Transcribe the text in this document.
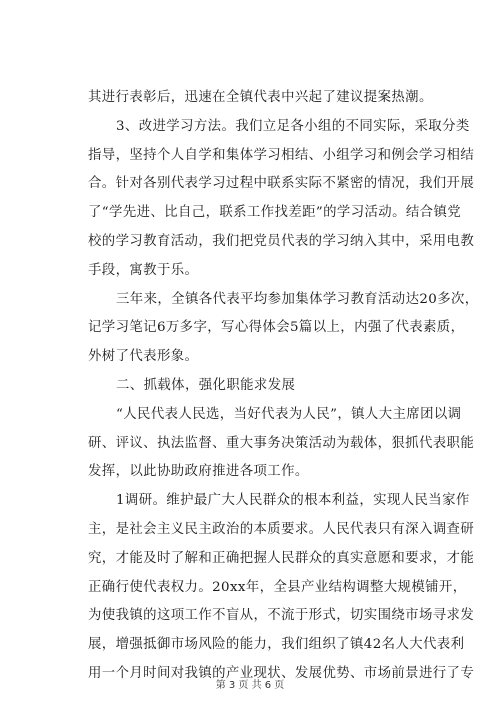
其进行表彰后，迅速在全镇代表中兴起了建议提案热潮。
3、改进学习方法。我们立足各小组的不同实际，采取分类
指导，坚持个人自学和集体学习相结、小组学习和例会学习相结
合。针对各别代表学习过程中联系实际不紧密的情况，我们开展
了“学先进、比自己，联系工作找差距”的学习活动。结合镇党
校的学习教育活动，我们把党员代表的学习纳入其中，采用电教
手段，寓教于乐。
三年来，全镇各代表平均参加集体学习教育活动达20多次，
记学习笔记6万多字，写心得体会5篇以上，内强了代表素质，
外树了代表形象。
二、抓载体，强化职能求发展
“人民代表人民选，当好代表为人民”，镇人大主席团以调
研、评议、执法监督、重大事务决策活动为载体，狠抓代表职能
发挥，以此协助政府推进各项工作。
1调研。维护最广大人民群众的根本利益，实现人民当家作
主，是社会主义民主政治的本质要求。人民代表只有深入调查研
究，才能及时了解和正确把握人民群众的真实意愿和要求，才能
正确行使代表权力。20xx年，全县产业结构调整大规模铺开，
为使我镇的这项工作不盲从，不流于形式，切实围绕市场寻求发
展，增强抵御市场风险的能力，我们组织了镇42名人大代表利
用一个月时间对我镇的产业现状、发展优势、市场前景进行了专
第 3 页 共 6 页
